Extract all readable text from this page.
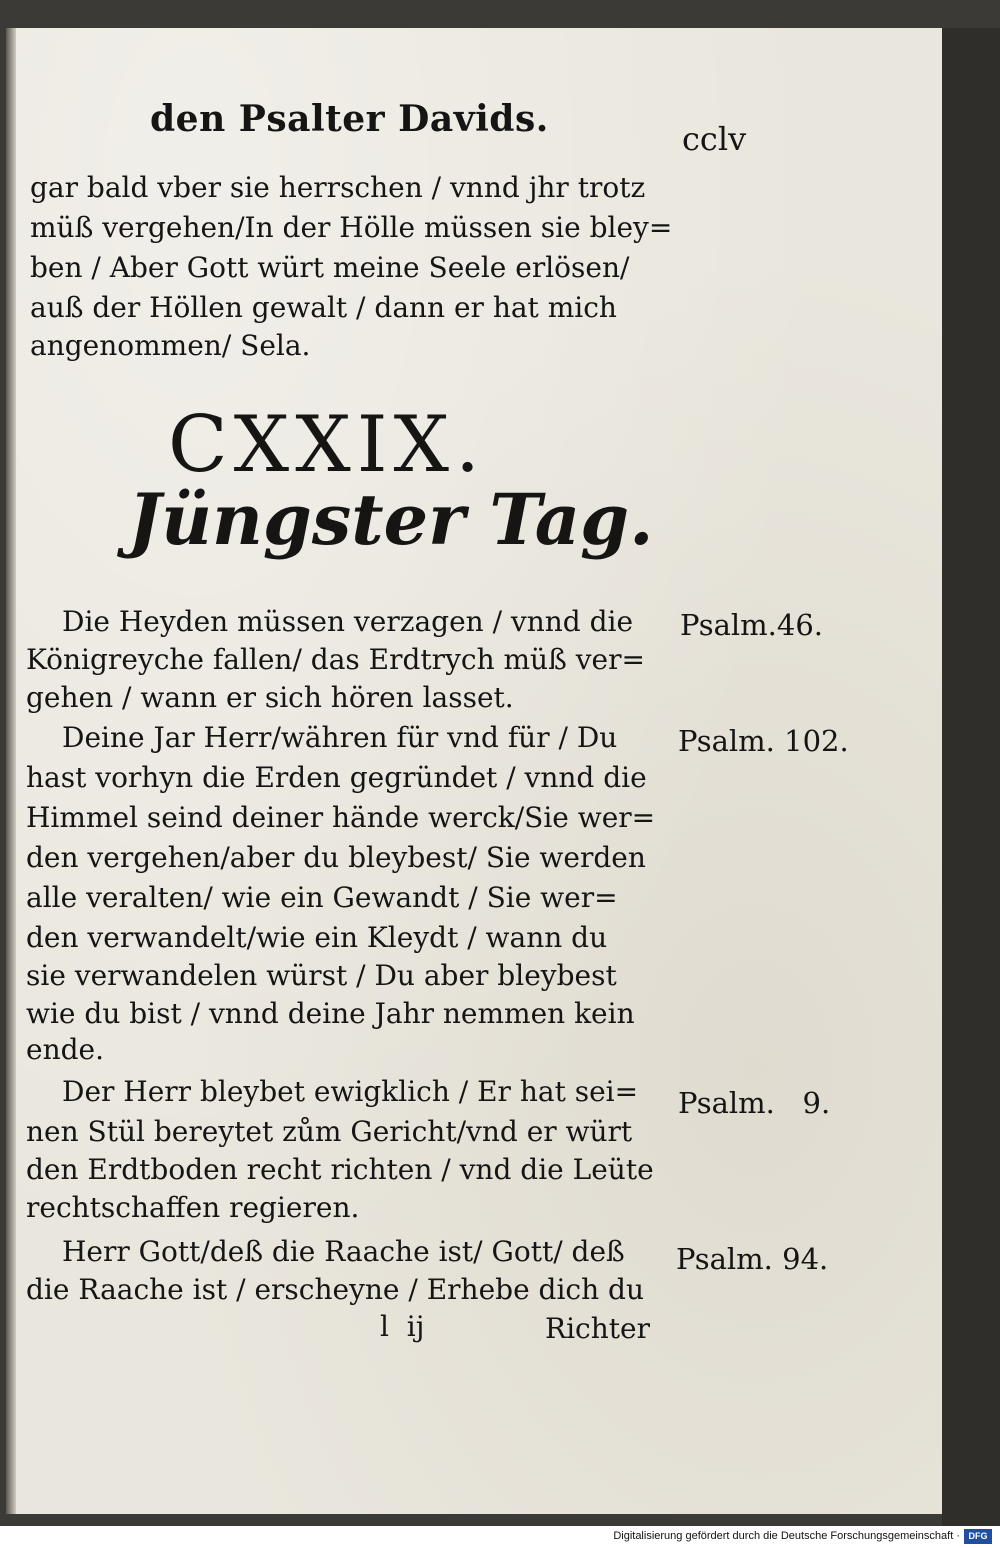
den Psalter Davids.	cclv
gar bald vber sie herrschen / vnnd jhr trotz
müß vergehen/In der Hölle müssen sie bley=
ben / Aber Gott würt meine Seele erlösen/
auß der Höllen gewalt / dann er hat mich
angenommen/ Sela.
CXXIX.
Jüngster Tag.
Die Heyden müssen verzagen / vnnd die
Königreyche fallen/ das Erdtrych müß ver=
gehen / wann er sich hören lasset.
Psalm.46.
Deine Jar Herr/währen für vnd für / Du
hast vorhyn die Erden gegründet / vnnd die
Himmel seind deiner hände werck/Sie wer=
den vergehen/aber du bleybest/ Sie werden
alle veralten/ wie ein Gewandt / Sie wer=
den verwandelt/wie ein Kleydt / wann du
sie verwandelen würst / Du aber bleybest
wie du bist / vnnd deine Jahr nemmen kein
ende.
Psalm. 102.
Der Herr bleybet ewigklich / Er hat sei=
nen Stül bereytet zům Gericht/vnd er würt
den Erdtboden recht richten / vnd die Leüte
rechtschaffen regieren.
Psalm.   9.
Herr Gott/deß die Raache ist/ Gott/ deß
die Raache ist / erscheyne / Erhebe dich du
Psalm. 94.
l  ij	Richter
Digitalisierung gefördert durch die Deutsche Forschungsgemeinschaft · DFG
